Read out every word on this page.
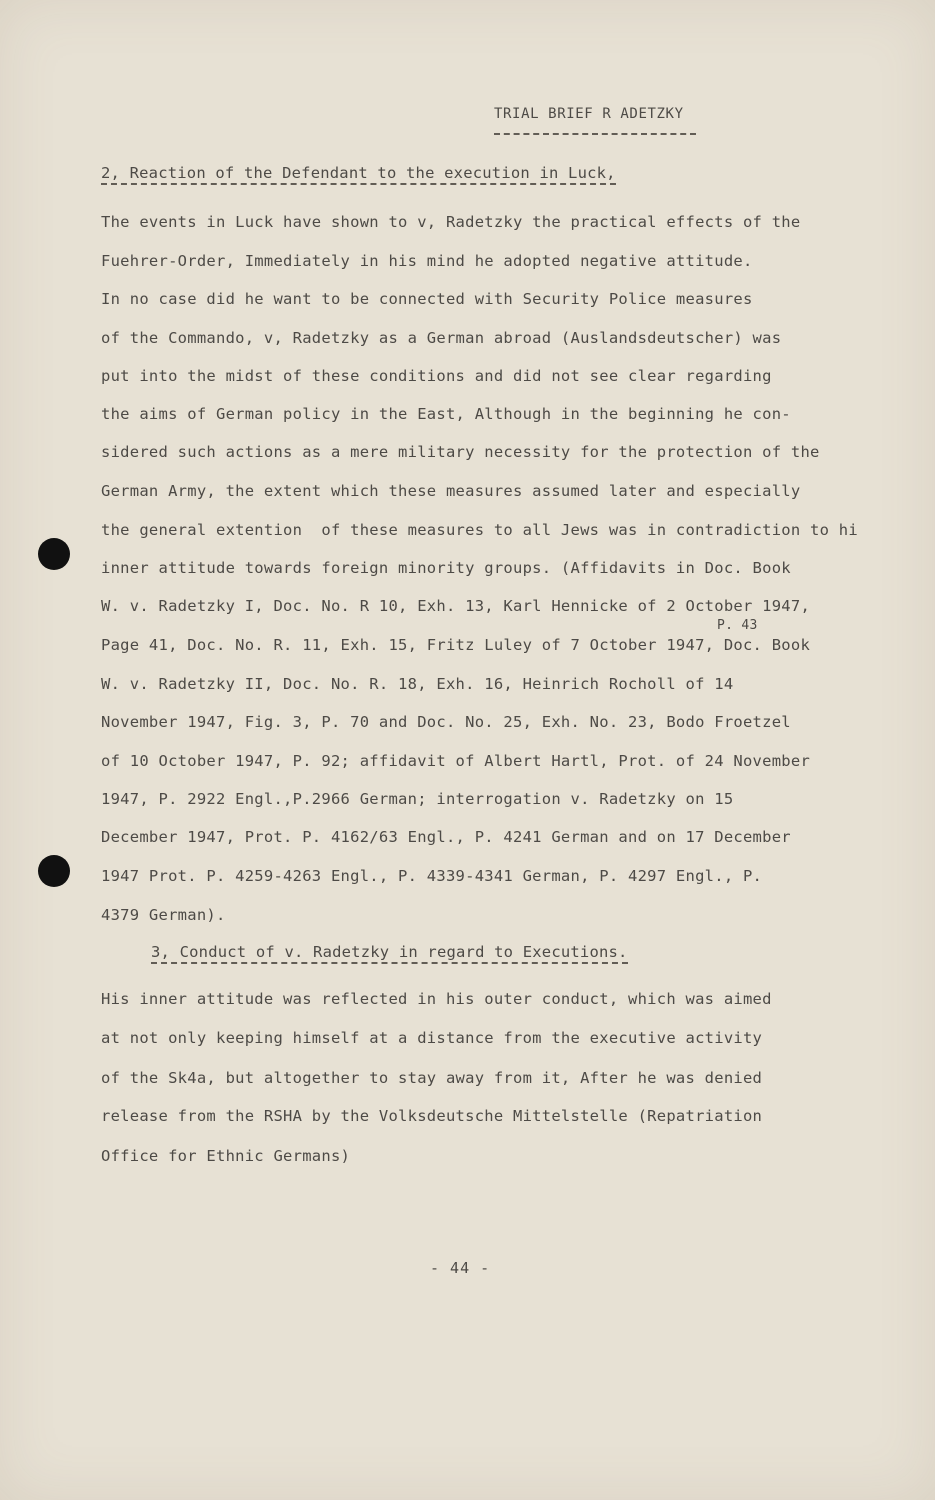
TRIAL BRIEF R ADETZKY
2, Reaction of the Defendant to the execution in Luck,
The events in Luck have shown to v, Radetzky the practical effects of the
Fuehrer-Order, Immediately in his mind he adopted negative attitude.
In no case did he want to be connected with Security Police measures
of the Commando, v, Radetzky as a German abroad (Auslandsdeutscher) was
put into the midst of these conditions and did not see clear regarding
the aims of German policy in the East, Although in the beginning he con-
sidered such actions as a mere military necessity for the protection of the
German Army, the extent which these measures assumed later and especially
the general extention  of these measures to all Jews was in contradiction to hi
inner attitude towards foreign minority groups. (Affidavits in Doc. Book
W. v. Radetzky I, Doc. No. R 10, Exh. 13, Karl Hennicke of 2 October 1947,
P. 43
Page 41, Doc. No. R. 11, Exh. 15, Fritz Luley of 7 October 1947, Doc. Book
W. v. Radetzky II, Doc. No. R. 18, Exh. 16, Heinrich Rocholl of 14
November 1947, Fig. 3, P. 70 and Doc. No. 25, Exh. No. 23, Bodo Froetzel
of 10 October 1947, P. 92; affidavit of Albert Hartl, Prot. of 24 November
1947, P. 2922 Engl.,P.2966 German; interrogation v. Radetzky on 15
December 1947, Prot. P. 4162/63 Engl., P. 4241 German and on 17 December
1947 Prot. P. 4259-4263 Engl., P. 4339-4341 German, P. 4297 Engl., P.
4379 German).
3, Conduct of v. Radetzky in regard to Executions.
His inner attitude was reflected in his outer conduct, which was aimed
at not only keeping himself at a distance from the executive activity
of the Sk4a, but altogether to stay away from it, After he was denied
release from the RSHA by the Volksdeutsche Mittelstelle (Repatriation
Office for Ethnic Germans)
- 44 -
